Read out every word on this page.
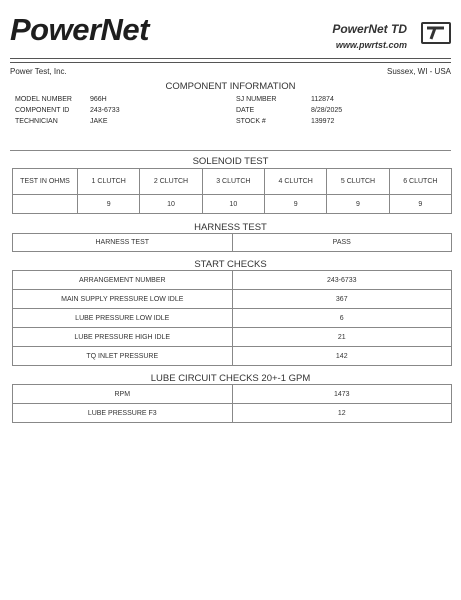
PowerNet	PowerNet TD
www.pwrtst.com
Power Test, Inc.	Sussex, WI - USA
COMPONENT INFORMATION
MODEL NUMBER	966H
COMPONENT ID	243-6733
TECHNICIAN	JAKE
SJ NUMBER	112874
DATE	8/28/2025
STOCK #	139972
SOLENOID TEST
TEST IN OHMS	1 CLUTCH	2 CLUTCH	3 CLUTCH	4 CLUTCH	5 CLUTCH	6 CLUTCH
	9	10	10	9	9	9
HARNESS TEST
HARNESS TEST	PASS
START CHECKS
ARRANGEMENT NUMBER	243-6733
MAIN SUPPLY PRESSURE LOW IDLE	367
LUBE PRESSURE LOW IDLE	6
LUBE PRESSURE HIGH IDLE	21
TQ INLET PRESSURE	142
LUBE CIRCUIT CHECKS 20+-1 GPM
RPM	1473
LUBE PRESSURE F3	12
